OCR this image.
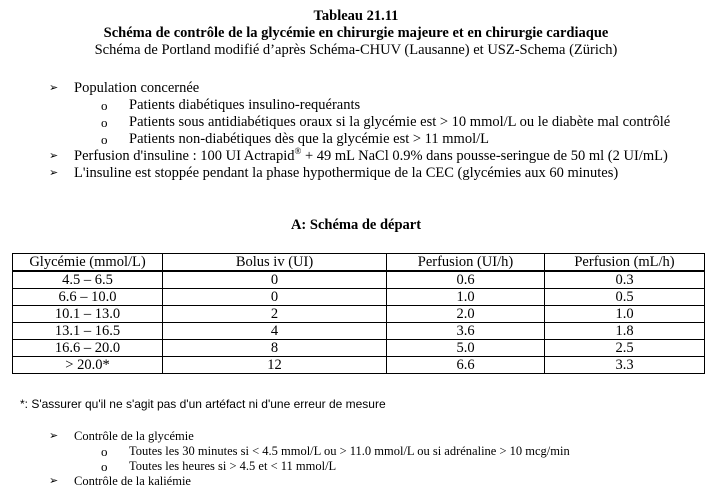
Tableau 21.11
Schéma de contrôle de la glycémie en chirurgie majeure et en chirurgie cardiaque
Schéma de Portland modifié d’après Schéma-CHUV (Lausanne) et USZ-Schema (Zürich)
➢ Population concernée
o Patients diabétiques insulino-requérants
o Patients sous antidiabétiques oraux si la glycémie est > 10 mmol/L ou le diabète mal contrôlé
o Patients non-diabétiques dès que la glycémie est > 11 mmol/L
➢ Perfusion d'insuline : 100 UI Actrapid® + 49 mL NaCl 0.9% dans pousse-seringue de 50 ml (2 UI/mL)
➢ L'insuline est stoppée pendant la phase hypothermique de la CEC (glycémies aux 60 minutes)
A: Schéma de départ
Glycémie (mmol/L)	Bolus iv (UI)	Perfusion (UI/h)	Perfusion (mL/h)
4.5 – 6.5	0	0.6	0.3
6.6 – 10.0	0	1.0	0.5
10.1 – 13.0	2	2.0	1.0
13.1 – 16.5	4	3.6	1.8
16.6 – 20.0	8	5.0	2.5
> 20.0*	12	6.6	3.3
*: S'assurer qu'il ne s'agit pas d'un artéfact ni d'une erreur de mesure
➢ Contrôle de la glycémie
o Toutes les 30 minutes si < 4.5 mmol/L ou > 11.0 mmol/L ou si adrénaline > 10 mcg/min
o Toutes les heures si > 4.5 et < 11 mmol/L
➢ Contrôle de la kaliémie
